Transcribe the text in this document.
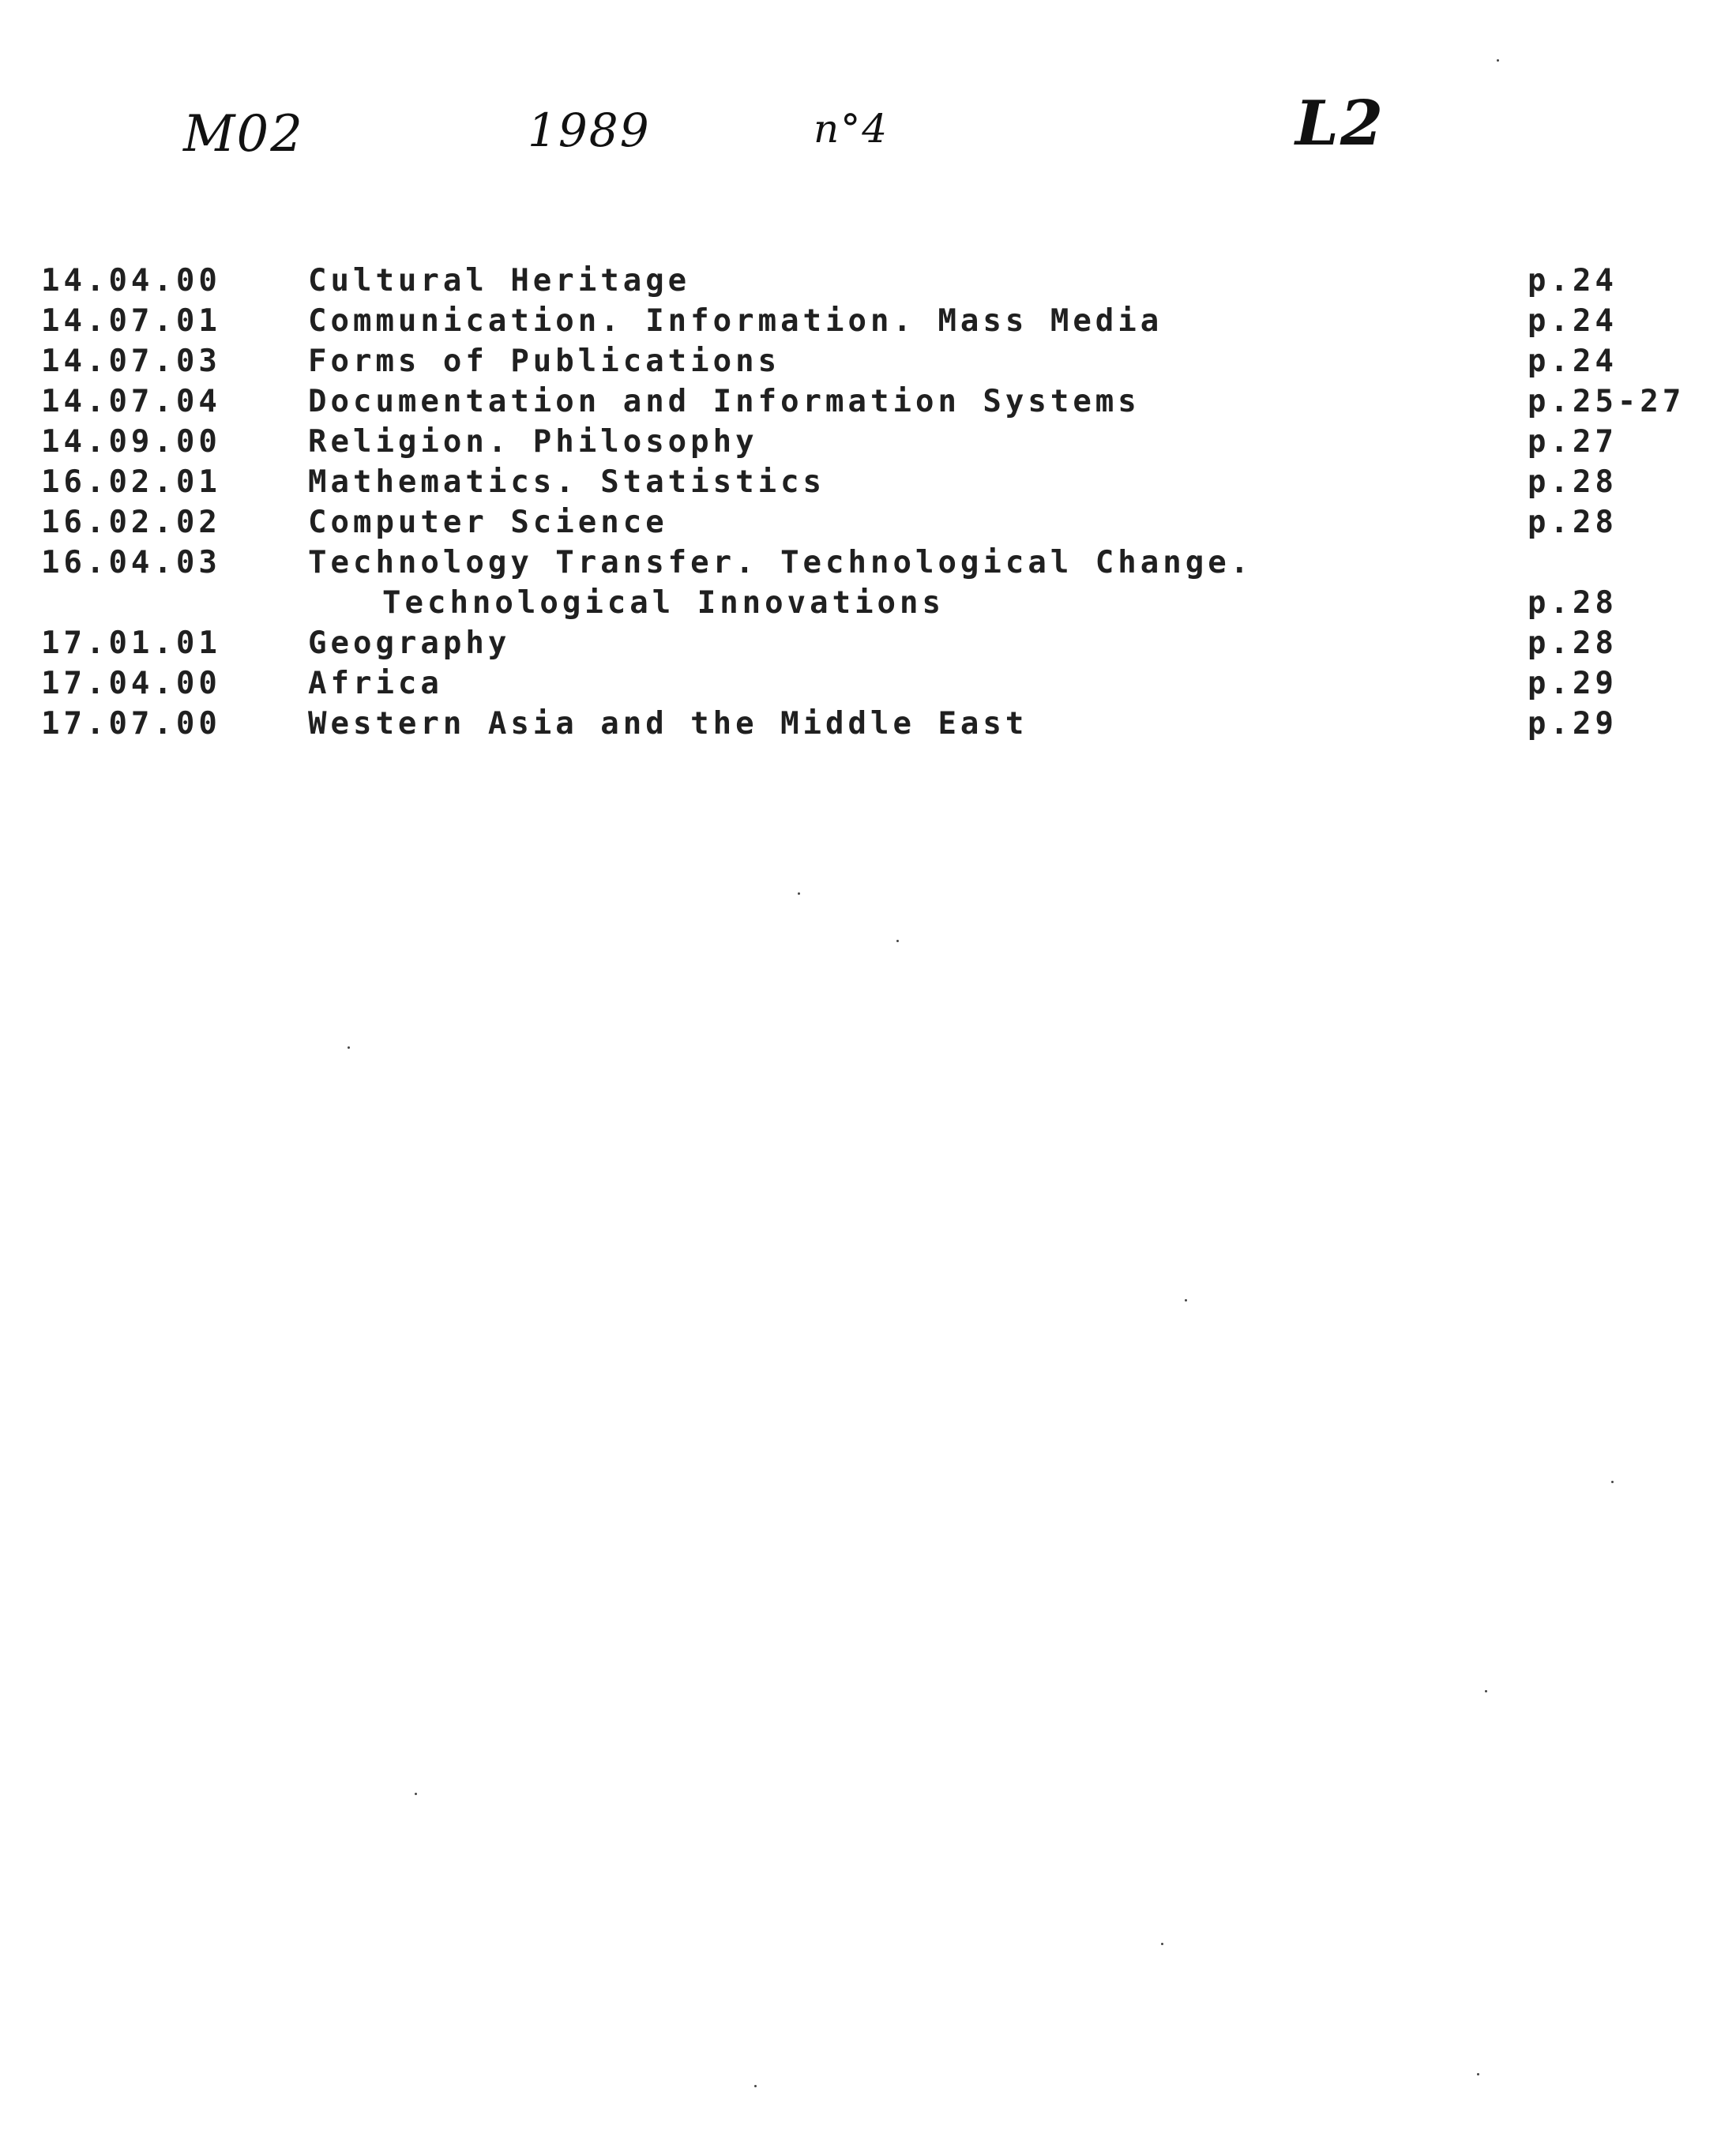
M02	1989	n°4	L2
14.04.00	Cultural Heritage	p.24
14.07.01	Communication. Information. Mass Media	p.24
14.07.03	Forms of Publications	p.24
14.07.04	Documentation and Information Systems	p.25-27
14.09.00	Religion. Philosophy	p.27
16.02.01	Mathematics. Statistics	p.28
16.02.02	Computer Science	p.28
16.04.03	Technology Transfer. Technological Change.
Technological Innovations	p.28
17.01.01	Geography	p.28
17.04.00	Africa	p.29
17.07.00	Western Asia and the Middle East	p.29
